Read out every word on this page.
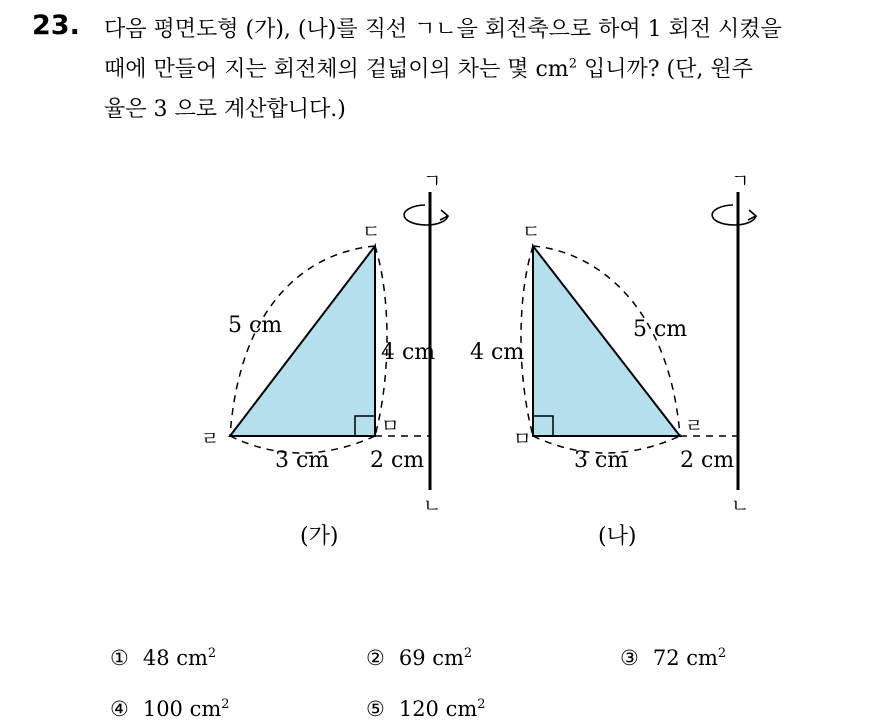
23. 다음 평면도형 (가), (나)를 직선 ㄱㄴ을 회전축으로 하여 1 회전 시켰을
때에 만들어 지는 회전체의 겉넓이의 차는 몇 $cm^2$ 입니까? (단, 원주
율은 3 으로 계산합니다.)
ㄱ
ㄴ
ㄷ
ㄹ
ㅁ
5 cm
4 cm
3 cm 2 cm
(가)
ㄱ
ㄴ
ㄷ
ㅁ
ㄹ
5 cm
4 cm
3 cm 2 cm
(나)
① 48 $cm^2$	② 69 $cm^2$	③ 72 $cm^2$
④ 100 $cm^2$	⑤ 120 $cm^2$
